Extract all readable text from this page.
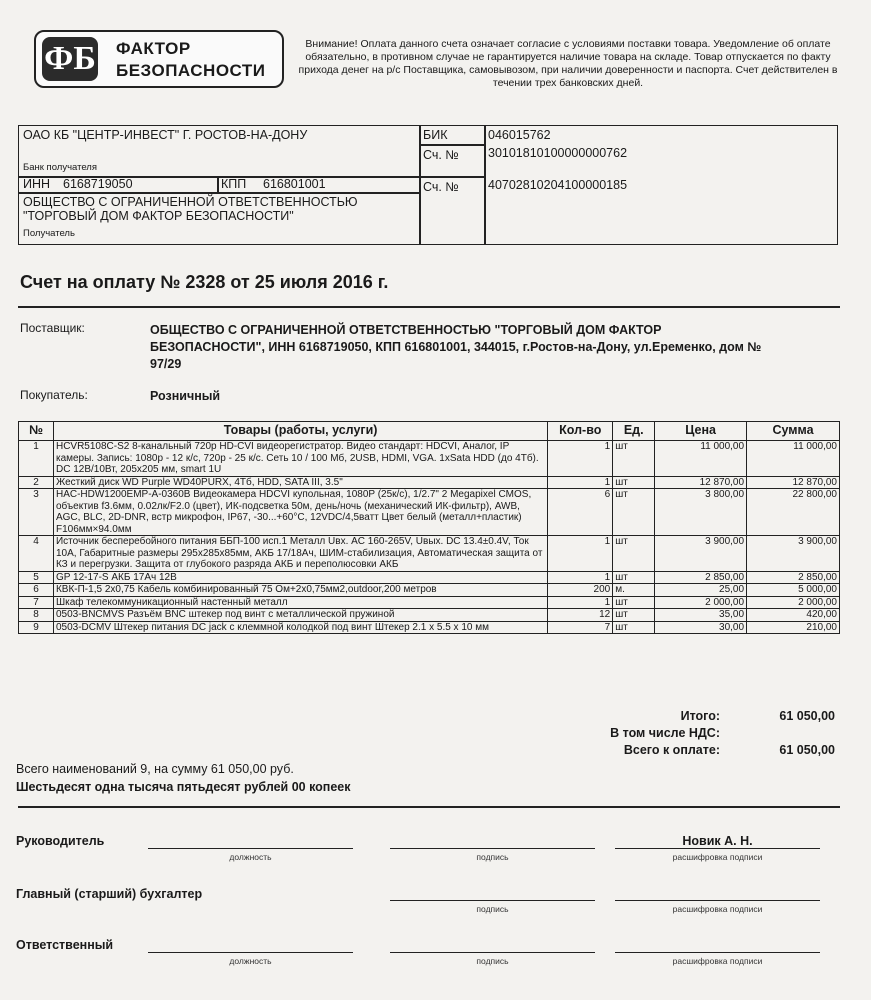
ФБ ФАКТОР
БЕЗОПАСНОСТИ
Внимание! Оплата данного счета означает согласие с условиями поставки товара. Уведомление об оплате обязательно, в противном случае не гарантируется наличие товара на складе. Товар отпускается по факту прихода денег на р/с Поставщика, самовывозом, при наличии доверенности и паспорта. Счет действителен в течении трех банковских дней.
ОАО КБ "ЦЕНТР-ИНВЕСТ" Г. РОСТОВ-НА-ДОНУ
Банк получателя
БИК	046015762
Сч. № 30101810100000000762
ИНН 6168719050	КПП 616801001	Сч. № 40702810204100000185
ОБЩЕСТВО С ОГРАНИЧЕННОЙ ОТВЕТСТВЕННОСТЬЮ
"ТОРГОВЫЙ ДОМ ФАКТОР БЕЗОПАСНОСТИ"
Получатель
Счет на оплату № 2328 от 25 июля 2016 г.
Поставщик:	ОБЩЕСТВО С ОГРАНИЧЕННОЙ ОТВЕТСТВЕННОСТЬЮ "ТОРГОВЫЙ ДОМ ФАКТОР
БЕЗОПАСНОСТИ", ИНН 6168719050, КПП 616801001, 344015, г.Ростов-на-Дону, ул.Еременко, дом №
97/29
Покупатель:	Розничный
№	Товары (работы, услуги)	Кол-во	Ед.	Цена	Сумма
1	HCVR5108C-S2 8-канальный 720p HD-CVI видеорегистратор. Видео стандарт: HDCVI, Аналог, IP камеры. Запись: 1080p - 12 к/с, 720p - 25 к/с. Сеть 10 / 100 Мб, 2USB, HDMI, VGA. 1xSata HDD (до 4Тб). DC 12В/10Вт, 205х205 мм, smart 1U	1	шт	11 000,00	11 000,00
2	Жесткий диск WD Purple WD40PURX, 4Тб, HDD, SATA III, 3.5"	1	шт	12 870,00	12 870,00
3	HAC-HDW1200EMP-A-0360B Видеокамера HDCVI купольная, 1080P (25к/с), 1/2.7" 2 Megapixel CMOS, объектив f3.6мм, 0.02лк/F2.0 (цвет), ИК-подсветка 50м, день/ночь (механический ИК-фильтр), AWB, AGC, BLC, 2D-DNR, встр микрофон, IP67, -30...+60°C, 12VDC/4,5ватт Цвет белый (металл+пластик) F106мм×94.0мм	6	шт	3 800,00	22 800,00
4	Источник бесперебойного питания ББП-100 исп.1 Металл Uвх. AC 160-265V, Uвых. DC 13.4±0.4V, Ток 10А, Габаритные размеры 295х285х85мм, АКБ 17/18Ач, ШИМ-стабилизация, Автоматическая защита от КЗ и перегрузки. Защита от глубокого разряда АКБ и переполюсовки АКБ	1	шт	3 900,00	3 900,00
5	GP 12-17-S АКБ 17Ач 12В	1	шт	2 850,00	2 850,00
6	КВК-П-1,5 2х0,75 Кабель комбинированный 75 Ом+2х0,75мм2,outdoor,200 метров	200	м.	25,00	5 000,00
7	Шкаф телекоммуникационный настенный металл	1	шт	2 000,00	2 000,00
8	0503-BNCMVS Разъём BNC штекер под винт с металлической пружиной	12	шт	35,00	420,00
9	0503-DCMV Штекер питания DC jack с клеммной колодкой под винт Штекер 2.1 х 5.5 х 10 мм	7	шт	30,00	210,00
Итого:	61 050,00
В том числе НДС:
Всего к оплате:	61 050,00
Всего наименований 9, на сумму 61 050,00 руб.
Шестьдесят одна тысяча пятьдесят рублей 00 копеек
Руководитель	Новик А. Н.
должность	подпись	расшифровка подписи
Главный (старший) бухгалтер
подпись	расшифровка подписи
Ответственный
должность	подпись	расшифровка подписи
